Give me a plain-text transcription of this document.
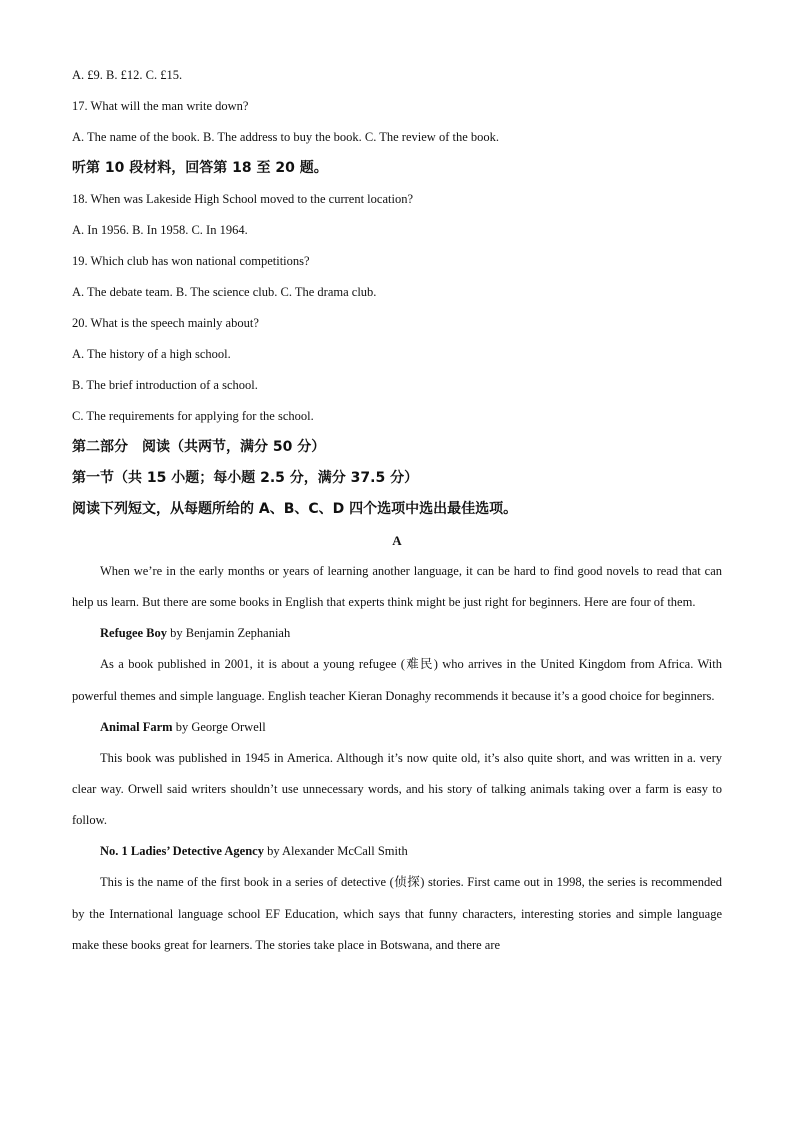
A. £9. B. £12. C. £15.
17. What will the man write down?
A. The name of the book. B. The address to buy the book. C. The review of the book.
听第 10 段材料，回答第 18 至 20 题。
18. When was Lakeside High School moved to the current location?
A. In 1956. B. In 1958. C. In 1964.
19. Which club has won national competitions?
A. The debate team. B. The science club. C. The drama club.
20. What is the speech mainly about?
A. The history of a high school.
B. The brief introduction of a school.
C. The requirements for applying for the school.
第二部分　阅读（共两节，满分 50 分）
第一节（共 15 小题；每小题 2.5 分，满分 37.5 分）
阅读下列短文，从每题所给的 A、B、C、D 四个选项中选出最佳选项。
A

When we’re in the early months or years of learning another language, it can be hard to find good novels to read that can help us learn. But there are some books in English that experts think might be just right for beginners. Here are four of them.

Refugee Boy by Benjamin Zephaniah

As a book published in 2001, it is about a young refugee (难民) who arrives in the United Kingdom from Africa. With powerful themes and simple language. English teacher Kieran Donaghy recommends it because it’s a good choice for beginners.

Animal Farm by George Orwell

This book was published in 1945 in America. Although it’s now quite old, it’s also quite short, and was written in a. very clear way. Orwell said writers shouldn’t use unnecessary words, and his story of talking animals taking over a farm is easy to follow.

No. 1 Ladies’ Detective Agency by Alexander McCall Smith

This is the name of the first book in a series of detective (侦探) stories. First came out in 1998, the series is recommended by the International language school EF Education, which says that funny characters, interesting stories and simple language make these books great for learners. The stories take place in Botswana, and there are
